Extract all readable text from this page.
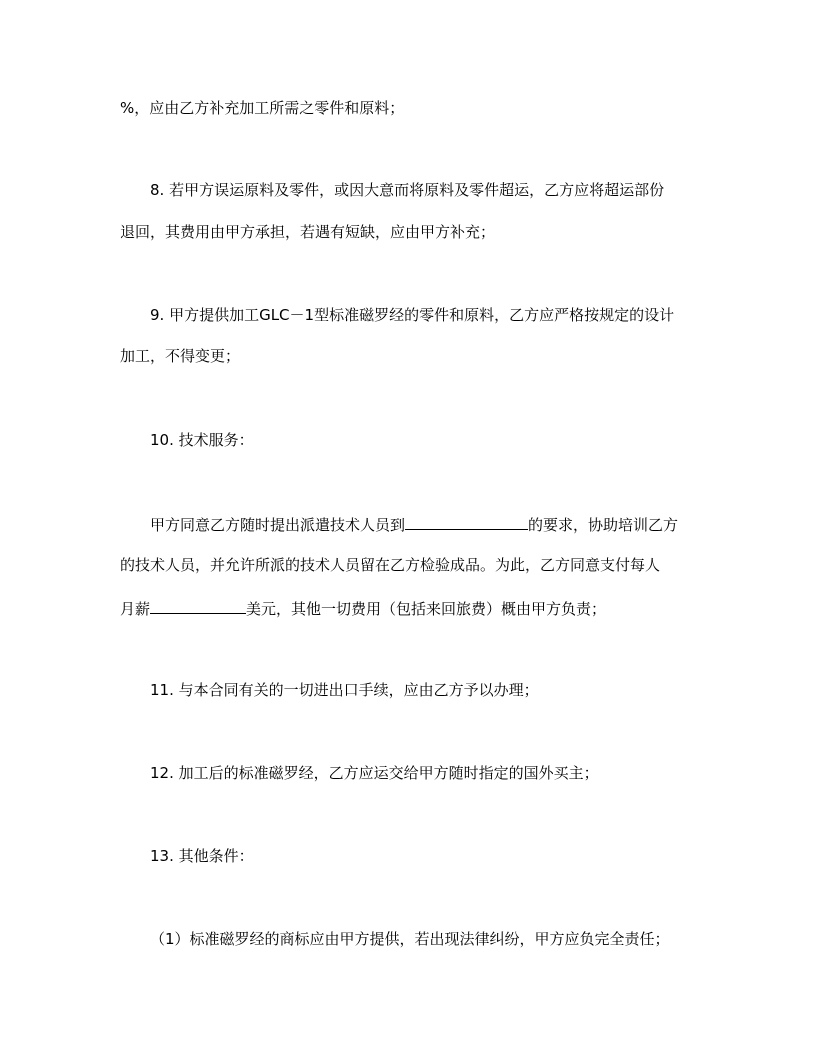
%，应由乙方补充加工所需之零件和原料；
8. 若甲方误运原料及零件，或因大意而将原料及零件超运，乙方应将超运部份
退回，其费用由甲方承担，若遇有短缺，应由甲方补充；
9. 甲方提供加工GLC－1型标准磁罗经的零件和原料，乙方应严格按规定的设计
加工，不得变更；
10. 技术服务：
甲方同意乙方随时提出派遣技术人员到	的要求，协助培训乙方
的技术人员，并允许所派的技术人员留在乙方检验成品。为此，乙方同意支付每人
月薪	美元，其他一切费用（包括来回旅费）概由甲方负责；
11. 与本合同有关的一切进出口手续，应由乙方予以办理；
12. 加工后的标准磁罗经，乙方应运交给甲方随时指定的国外买主；
13. 其他条件：
（1）标准磁罗经的商标应由甲方提供，若出现法律纠纷，甲方应负完全责任；
